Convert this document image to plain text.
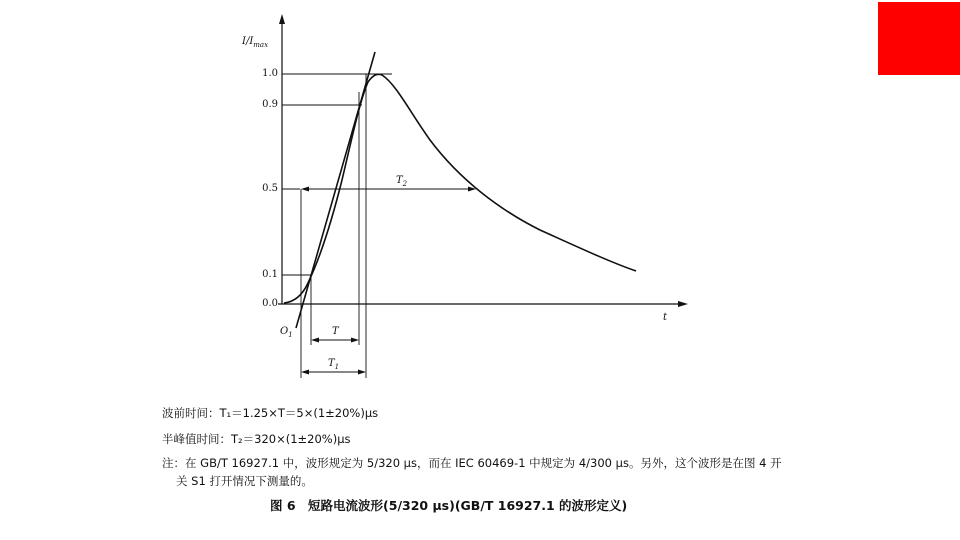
$I/I_{max}$
t
1.0
0.9
0.5
0.1
0.0
$O_1$	T
$T_1$
$T_2$
波前时间：T₁＝1.25×T＝5×(1±20%)μs
半峰值时间：T₂＝320×(1±20%)μs
注：在 GB/T 16927.1 中，波形规定为 5/320 μs，而在 IEC 60469-1 中规定为 4/300 μs。另外，这个波形是在图 4 开
关 S1 打开情况下测量的。
图 6　短路电流波形(5/320 μs)(GB/T 16927.1 的波形定义)
